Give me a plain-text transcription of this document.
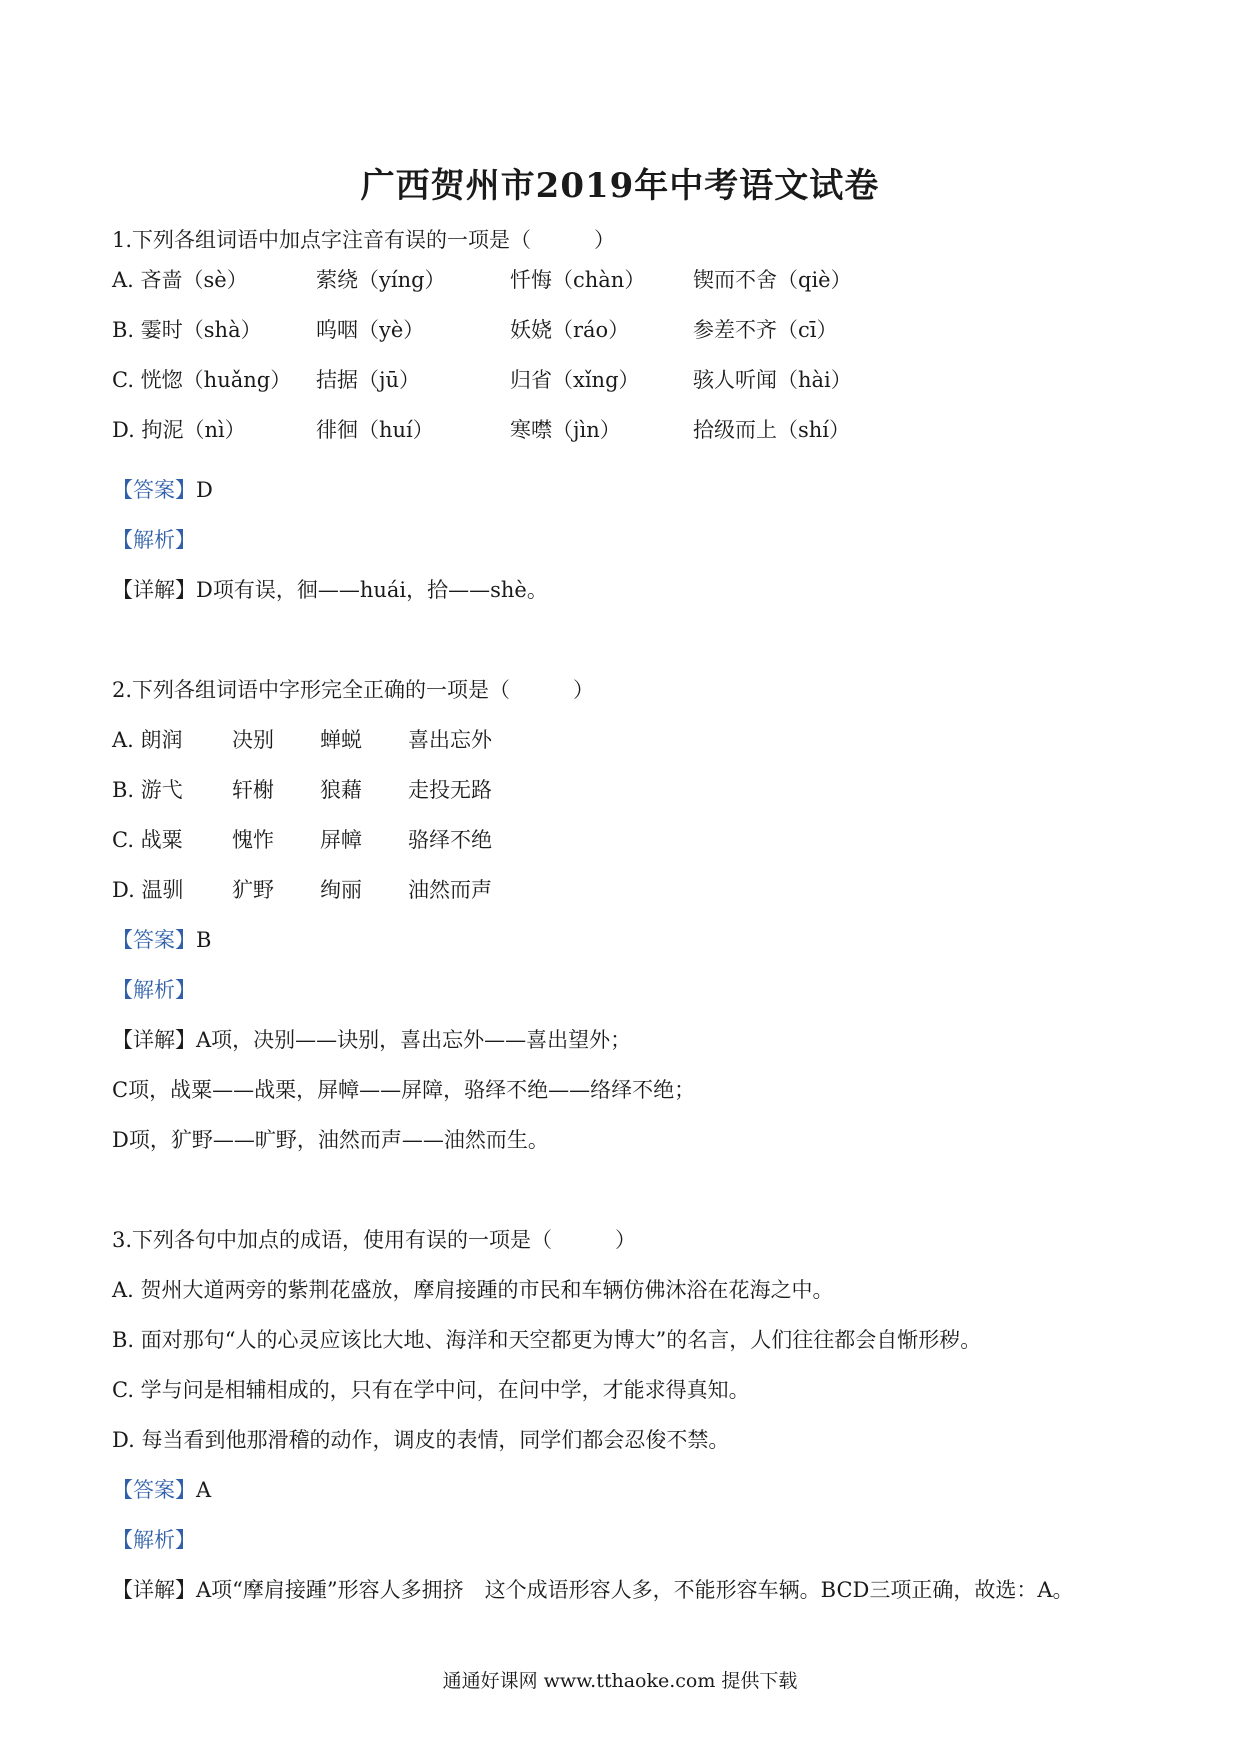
广西贺州市2019年中考语文试卷
1.下列各组词语中加点字注音有误的一项是（　　　）
A. 吝啬（sè）	萦绕（yíng）	忏悔（chàn） 锲而不舍（qiè）
B. 霎时（shà）	呜咽（yè）	妖娆（ráo）	参差不齐（cī）
C. 恍惚（huǎng） 拮据（jū）	归省（xǐng）	骇人听闻（hài）
D. 拘泥（nì）	徘徊（huí）	寒噤（jìn）	拾级而上（shí）
【答案】D
【解析】
【详解】D项有误，徊——huái，拾——shè。
2.下列各组词语中字形完全正确的一项是（　　　）
A. 朗润 决别 蝉蜕 喜出忘外
B. 游弋 轩榭 狼藉 走投无路
C. 战粟 愧怍 屏幛 骆绎不绝
D. 温驯 犷野 绚丽 油然而声
【答案】B
【解析】
【详解】A项，决别——诀别，喜出忘外——喜出望外；
C项，战粟——战栗，屏幛——屏障，骆绎不绝——络绎不绝；
D项，犷野——旷野，油然而声——油然而生。
3.下列各句中加点的成语，使用有误的一项是（　　　）
A. 贺州大道两旁的紫荆花盛放，摩肩接踵的市民和车辆仿佛沐浴在花海之中。
B. 面对那句“人的心灵应该比大地、海洋和天空都更为博大”的名言，人们往往都会自惭形秽。
C. 学与问是相辅相成的，只有在学中问，在问中学，才能求得真知。
D. 每当看到他那滑稽的动作，调皮的表情，同学们都会忍俊不禁。
【答案】A
【解析】
【详解】A项“摩肩接踵”形容人多拥挤　这个成语形容人多，不能形容车辆。BCD三项正确，故选：A。
通通好课网 www.tthaoke.com 提供下载
